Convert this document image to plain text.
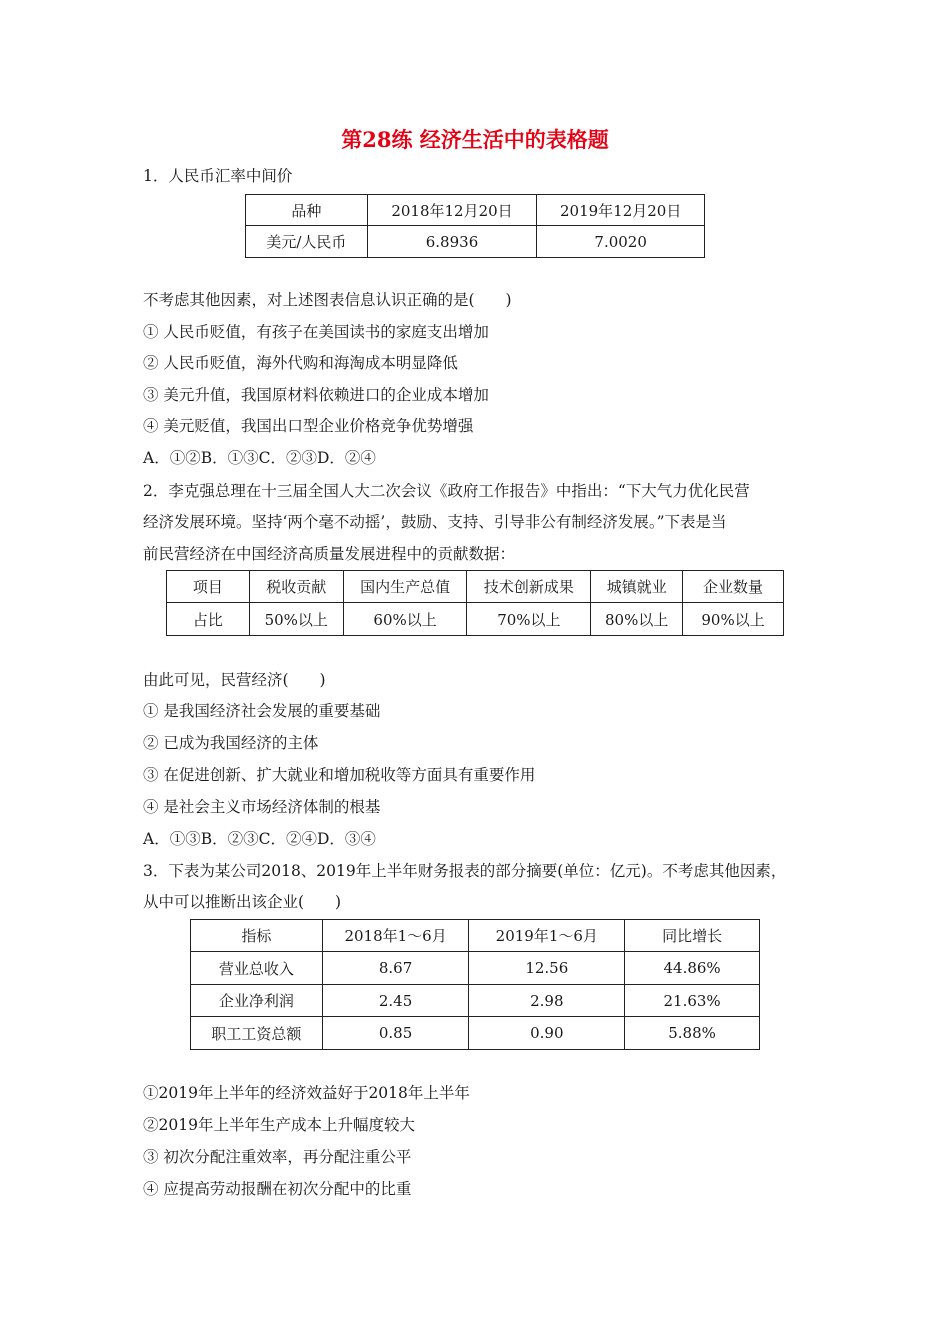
第28练 经济生活中的表格题
1．人民币汇率中间价
品种	2018年12月20日	2019年12月20日
美元/人民币	6.8936	7.0020
不考虑其他因素，对上述图表信息认识正确的是(　　)
① 人民币贬值，有孩子在美国读书的家庭支出增加
② 人民币贬值，海外代购和海淘成本明显降低
③ 美元升值，我国原材料依赖进口的企业成本增加
④ 美元贬值，我国出口型企业价格竞争优势增强
A．①②B．①③C．②③D．②④
2．李克强总理在十三届全国人大二次会议《政府工作报告》中指出：“下大气力优化民营
经济发展环境。坚持‘两个毫不动摇’，鼓励、支持、引导非公有制经济发展。”下表是当
前民营经济在中国经济高质量发展进程中的贡献数据：
项目	税收贡献	国内生产总值	技术创新成果	城镇就业	企业数量
占比	50%以上	60%以上	70%以上	80%以上	90%以上
由此可见，民营经济(　　)
① 是我国经济社会发展的重要基础
② 已成为我国经济的主体
③ 在促进创新、扩大就业和增加税收等方面具有重要作用
④ 是社会主义市场经济体制的根基
A．①③B．②③C．②④D．③④
3．下表为某公司2018、2019年上半年财务报表的部分摘要(单位：亿元)。不考虑其他因素，
从中可以推断出该企业(　　)
指标	2018年1～6月	2019年1～6月	同比增长
营业总收入	8.67	12.56	44.86%
企业净利润	2.45	2.98	21.63%
职工工资总额	0.85	0.90	5.88%
①2019年上半年的经济效益好于2018年上半年
②2019年上半年生产成本上升幅度较大
③ 初次分配注重效率，再分配注重公平
④ 应提高劳动报酬在初次分配中的比重
